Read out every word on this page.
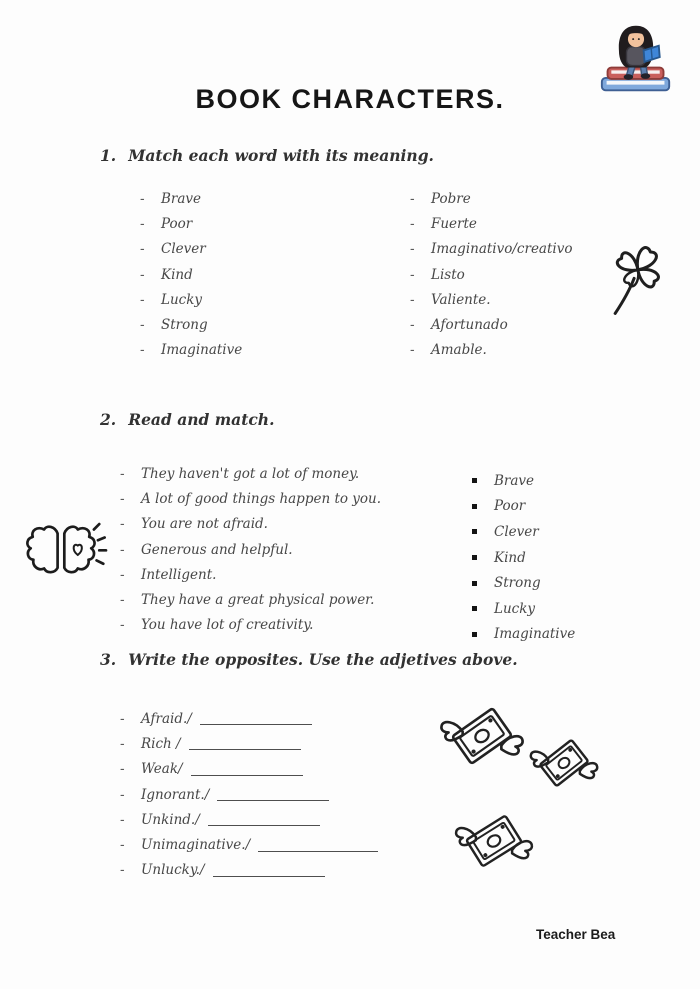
BOOK CHARACTERS.
1. Match each word with its meaning.
-
Brave
-
Poor
-
Clever
-
Kind
-
Lucky
-
Strong
-
Imaginative
-
Pobre
-
Fuerte
-
Imaginativo/creativo
-
Listo
-
Valiente.
-
Afortunado
-
Amable.
2. Read and match.
-
They haven't got a lot of money.
-
A lot of good things happen to you.
-
You are not afraid.
-
Generous and helpful.
-
Intelligent.
-
They have a great physical power.
-
You have lot of creativity.
Brave
Poor
Clever
Kind
Strong
Lucky
Imaginative
3. Write the opposites. Use the adjetives above.
-
Afraid./
-
Rich /
-
Weak/
-
Ignorant./
-
Unkind./
-
Unimaginative./
-
Unlucky./
Teacher Bea
